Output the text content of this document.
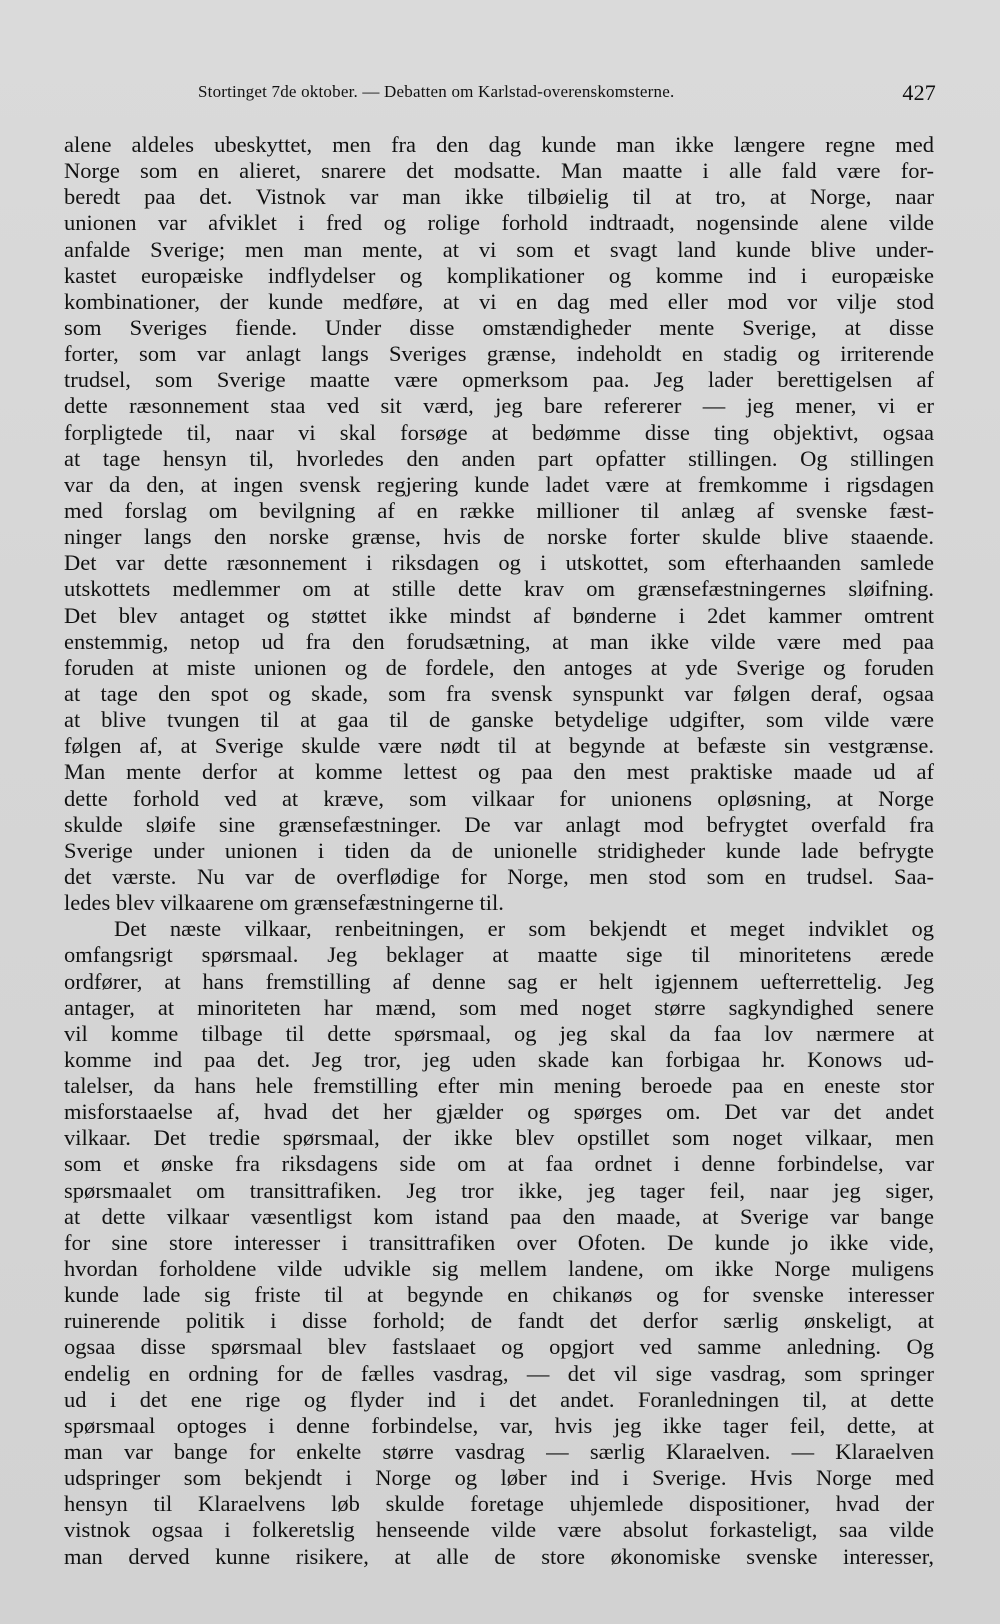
Stortinget 7de oktober. — Debatten om Karlstad-overenskomsterne.	427
alene aldeles ubeskyttet, men fra den dag kunde man ikke længere regne med
Norge som en alieret, snarere det modsatte. Man maatte i alle fald være for-
beredt paa det. Vistnok var man ikke tilbøielig til at tro, at Norge, naar
unionen var afviklet i fred og rolige forhold indtraadt, nogensinde alene vilde
anfalde Sverige; men man mente, at vi som et svagt land kunde blive under-
kastet europæiske indflydelser og komplikationer og komme ind i europæiske
kombinationer, der kunde medføre, at vi en dag med eller mod vor vilje stod
som Sveriges fiende. Under disse omstændigheder mente Sverige, at disse
forter, som var anlagt langs Sveriges grænse, indeholdt en stadig og irriterende
trudsel, som Sverige maatte være opmerksom paa. Jeg lader berettigelsen af
dette ræsonnement staa ved sit værd, jeg bare refererer — jeg mener, vi er
forpligtede til, naar vi skal forsøge at bedømme disse ting objektivt, ogsaa
at tage hensyn til, hvorledes den anden part opfatter stillingen. Og stillingen
var da den, at ingen svensk regjering kunde ladet være at fremkomme i rigsdagen
med forslag om bevilgning af en række millioner til anlæg af svenske fæst-
ninger langs den norske grænse, hvis de norske forter skulde blive staaende.
Det var dette ræsonnement i riksdagen og i utskottet, som efterhaanden samlede
utskottets medlemmer om at stille dette krav om grænsefæstningernes sløifning.
Det blev antaget og støttet ikke mindst af bønderne i 2det kammer omtrent
enstemmig, netop ud fra den forudsætning, at man ikke vilde være med paa
foruden at miste unionen og de fordele, den antoges at yde Sverige og foruden
at tage den spot og skade, som fra svensk synspunkt var følgen deraf, ogsaa
at blive tvungen til at gaa til de ganske betydelige udgifter, som vilde være
følgen af, at Sverige skulde være nødt til at begynde at befæste sin vestgrænse.
Man mente derfor at komme lettest og paa den mest praktiske maade ud af
dette forhold ved at kræve, som vilkaar for unionens opløsning, at Norge
skulde sløife sine grænsefæstninger. De var anlagt mod befrygtet overfald fra
Sverige under unionen i tiden da de unionelle stridigheder kunde lade befrygte
det værste. Nu var de overflødige for Norge, men stod som en trudsel. Saa-
ledes blev vilkaarene om grænsefæstningerne til.
Det næste vilkaar, renbeitningen, er som bekjendt et meget indviklet og
omfangsrigt spørsmaal. Jeg beklager at maatte sige til minoritetens ærede
ordfører, at hans fremstilling af denne sag er helt igjennem uefterrettelig. Jeg
antager, at minoriteten har mænd, som med noget større sagkyndighed senere
vil komme tilbage til dette spørsmaal, og jeg skal da faa lov nærmere at
komme ind paa det. Jeg tror, jeg uden skade kan forbigaa hr. Konows ud-
talelser, da hans hele fremstilling efter min mening beroede paa en eneste stor
misforstaaelse af, hvad det her gjælder og spørges om. Det var det andet
vilkaar. Det tredie spørsmaal, der ikke blev opstillet som noget vilkaar, men
som et ønske fra riksdagens side om at faa ordnet i denne forbindelse, var
spørsmaalet om transittrafiken. Jeg tror ikke, jeg tager feil, naar jeg siger,
at dette vilkaar væsentligst kom istand paa den maade, at Sverige var bange
for sine store interesser i transittrafiken over Ofoten. De kunde jo ikke vide,
hvordan forholdene vilde udvikle sig mellem landene, om ikke Norge muligens
kunde lade sig friste til at begynde en chikanøs og for svenske interesser
ruinerende politik i disse forhold; de fandt det derfor særlig ønskeligt, at
ogsaa disse spørsmaal blev fastslaaet og opgjort ved samme anledning. Og
endelig en ordning for de fælles vasdrag, — det vil sige vasdrag, som springer
ud i det ene rige og flyder ind i det andet. Foranledningen til, at dette
spørsmaal optoges i denne forbindelse, var, hvis jeg ikke tager feil, dette, at
man var bange for enkelte større vasdrag — særlig Klaraelven. — Klaraelven
udspringer som bekjendt i Norge og løber ind i Sverige. Hvis Norge med
hensyn til Klaraelvens løb skulde foretage uhjemlede dispositioner, hvad der
vistnok ogsaa i folkeretslig henseende vilde være absolut forkasteligt, saa vilde
man derved kunne risikere, at alle de store økonomiske svenske interesser,
